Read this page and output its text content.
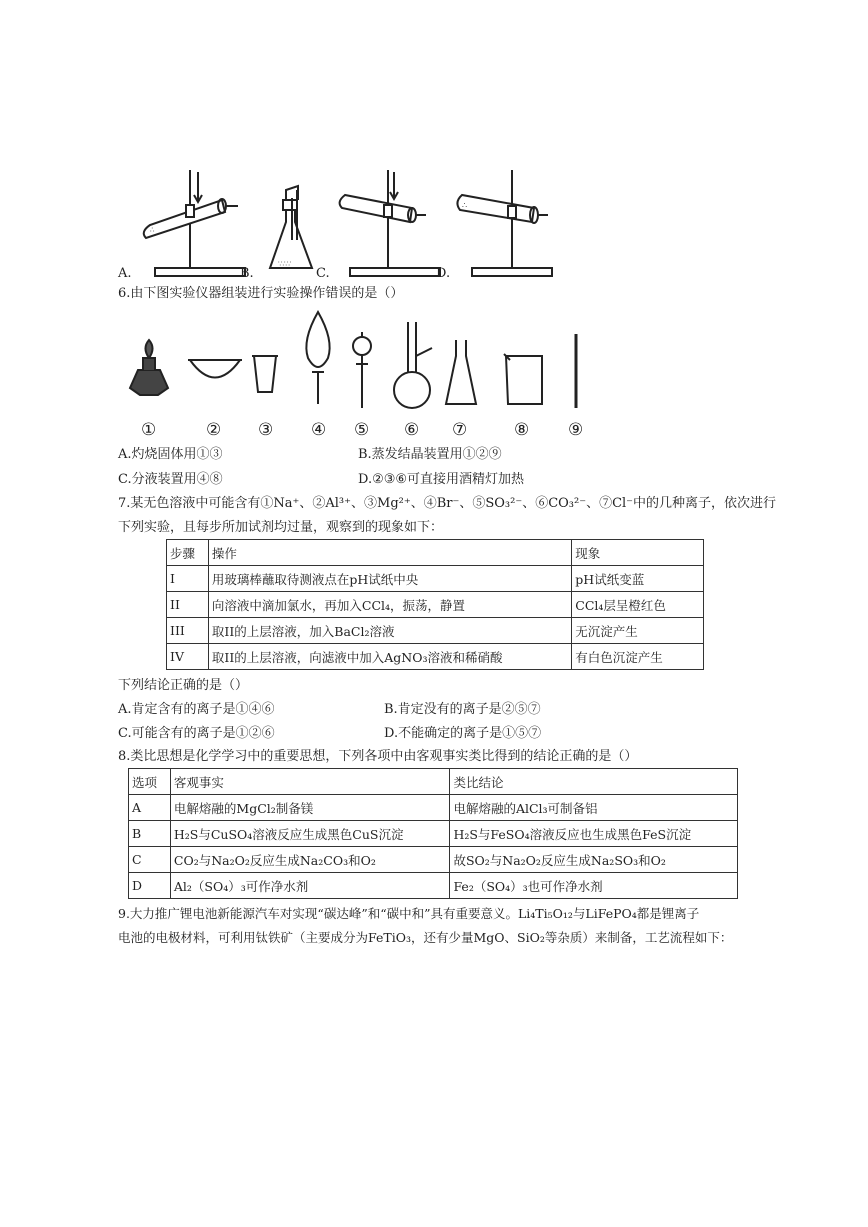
∴
∵∴∵
∴
A.	B.	C.	D.
6.由下图实验仪器组装进行实验操作错误的是（）
①	② ③ ④ ⑤ ⑥ ⑦	⑧ ⑨
A.灼烧固体用①③	B.蒸发结晶装置用①②⑨
C.分液装置用④⑧	D.②③⑥可直接用酒精灯加热
7.某无色溶液中可能含有①Na⁺、②Al³⁺、③Mg²⁺、④Br⁻、⑤SO₃²⁻、⑥CO₃²⁻、⑦Cl⁻中的几种离子，依次进行
下列实验，且每步所加试剂均过量，观察到的现象如下：
步骤	操作	现象
I	用玻璃棒蘸取待测液点在pH试纸中央	pH试纸变蓝
II	向溶液中滴加氯水，再加入CCl₄，振荡，静置	CCl₄层呈橙红色
III	取II的上层溶液，加入BaCl₂溶液	无沉淀产生
IV	取II的上层溶液，向滤液中加入AgNO₃溶液和稀硝酸	有白色沉淀产生
下列结论正确的是（）
A.肯定含有的离子是①④⑥	B.肯定没有的离子是②⑤⑦
C.可能含有的离子是①②⑥	D.不能确定的离子是①⑤⑦
8.类比思想是化学学习中的重要思想，下列各项中由客观事实类比得到的结论正确的是（）
选项	客观事实	类比结论
A	电解熔融的MgCl₂制备镁	电解熔融的AlCl₃可制备铝
B	H₂S与CuSO₄溶液反应生成黑色CuS沉淀	H₂S与FeSO₄溶液反应也生成黑色FeS沉淀
C	CO₂与Na₂O₂反应生成Na₂CO₃和O₂	故SO₂与Na₂O₂反应生成Na₂SO₃和O₂
D	Al₂（SO₄）₃可作净水剂	Fe₂（SO₄）₃也可作净水剂
9.大力推广锂电池新能源汽车对实现“碳达峰”和“碳中和”具有重要意义。Li₄Ti₅O₁₂与LiFePO₄都是锂离子
电池的电极材料，可利用钛铁矿（主要成分为FeTiO₃，还有少量MgO、SiO₂等杂质）来制备，工艺流程如下：
